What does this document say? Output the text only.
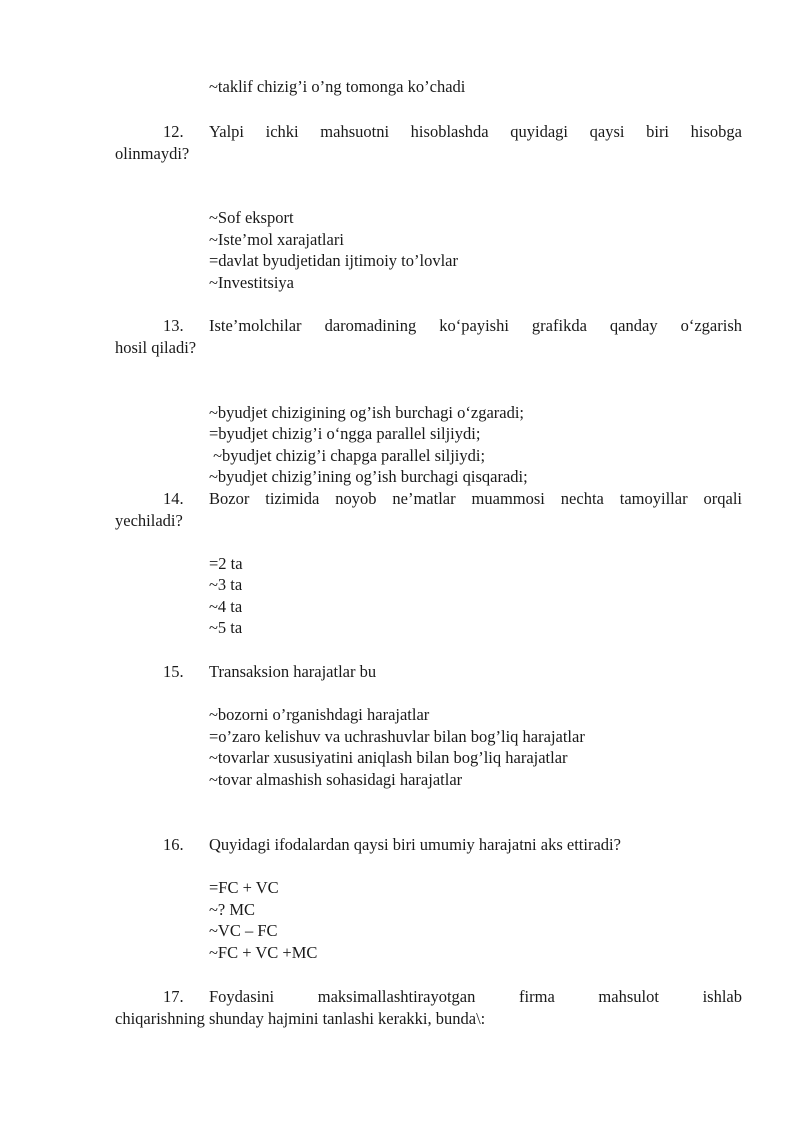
~taklif chizig’i o’ng tomonga ko’chadi
12. Yalpi ichki mahsuotni hisoblashda quyidagi qaysi biri hisobga
olinmaydi?
~Sof eksport
~Iste’mol xarajatlari
=davlat byudjetidan ijtimoiy to’lovlar
~Investitsiya
13. Iste’molchilar daromadining ko‘payishi grafikda qanday o‘zgarish
hosil qiladi?
~byudjet chizigining og’ish burchagi o‘zgaradi;
=byudjet chizig’i o‘ngga parallel siljiydi;
~byudjet chizig’i chapga parallel siljiydi;
~byudjet chizig’ining og’ish burchagi qisqaradi;
14. Bozor tizimida noyob ne’matlar muammosi nechta tamoyillar orqali
yechiladi?
=2 ta
~3 ta
~4 ta
~5 ta
15. Transaksion harajatlar bu
~bozorni o’rganishdagi harajatlar
=o’zaro kelishuv va uchrashuvlar bilan bog’liq harajatlar
~tovarlar xususiyatini aniqlash bilan bog’liq harajatlar
~tovar almashish sohasidagi harajatlar
16. Quyidagi ifodalardan qaysi biri umumiy harajatni aks ettiradi?
=FC + VC
~? MC
~VC – FC
~FC + VC +MC
17. Foydasini maksimallashtirayotgan firma mahsulot ishlab
chiqarishning shunday hajmini tanlashi kerakki, bunda\:
